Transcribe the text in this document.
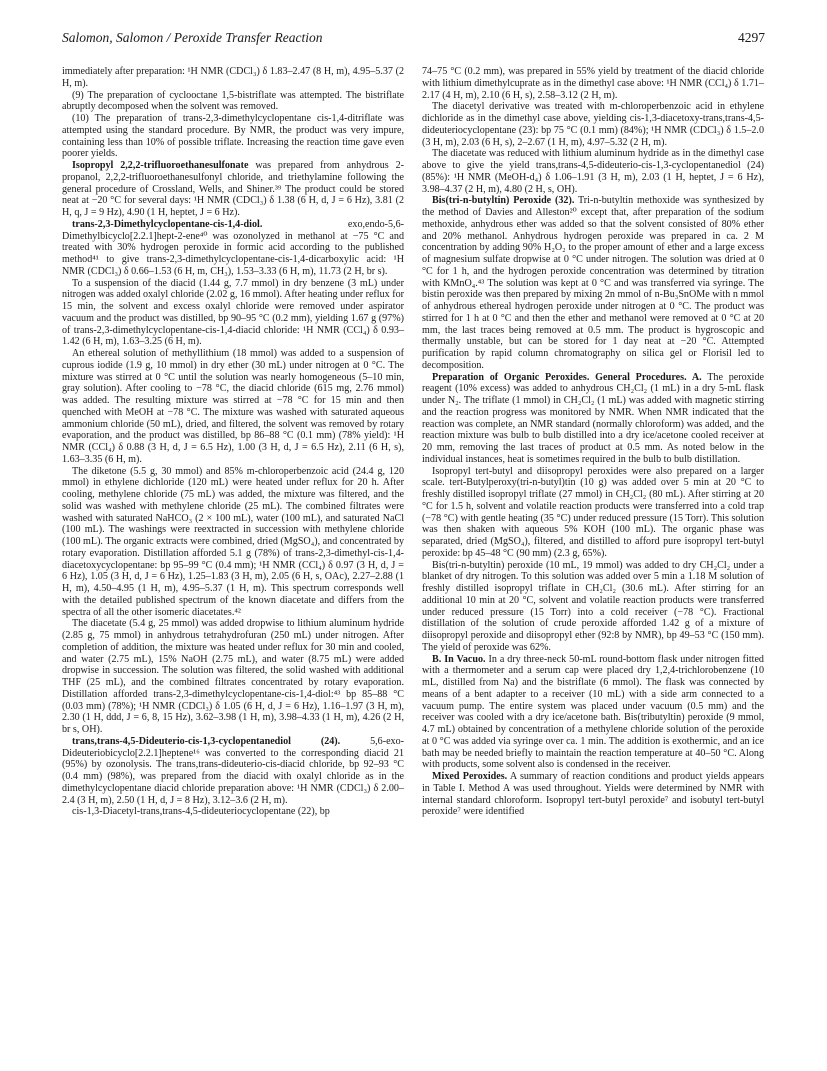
Salomon, Salomon / Peroxide Transfer Reaction	4297

immediately after preparation: ¹H NMR (CDCl₃) δ 1.83–2.47 (8 H, m), 4.95–5.37 (2 H, m).

(9) The preparation of cyclooctane 1,5-bistriflate was attempted. The bistriflate abruptly decomposed when the solvent was removed.

(10) The preparation of trans-2,3-dimethylcyclopentane cis-1,4-ditriflate was attempted using the standard procedure. By NMR, the product was very impure, containing less than 10% of possible triflate. Increasing the reaction time gave even poorer yields.

Isopropyl 2,2,2-trifluoroethanesulfonate was prepared from anhydrous 2-propanol, 2,2,2-trifluoroethanesulfonyl chloride, and triethylamine following the general procedure of Crossland, Wells, and Shiner.³⁹ The product could be stored neat at −20 °C for several days: ¹H NMR (CDCl₃) δ 1.38 (6 H, d, J = 6 Hz), 3.81 (2 H, q, J = 9 Hz), 4.90 (1 H, heptet, J = 6 Hz).

trans-2,3-Dimethylcyclopentane-cis-1,4-diol. exo,endo-5,6-Dimethylbicyclo[2.2.1]hept-2-ene⁴⁰ was ozonolyzed in methanol at −75 °C and treated with 30% hydrogen peroxide in formic acid according to the published method⁴¹ to give trans-2,3-dimethylcyclopentane-cis-1,4-dicarboxylic acid: ¹H NMR (CDCl₃) δ 0.66–1.53 (6 H, m, CH₃), 1.53–3.33 (6 H, m), 11.73 (2 H, br s).

To a suspension of the diacid (1.44 g, 7.7 mmol) in dry benzene (3 mL) under nitrogen was added oxalyl chloride (2.02 g, 16 mmol). After heating under reflux for 15 min, the solvent and excess oxalyl chloride were removed under aspirator vacuum and the product was distilled, bp 90–95 °C (0.2 mm), yielding 1.67 g (97%) of trans-2,3-dimethylcyclopentane-cis-1,4-diacid chloride: ¹H NMR (CCl₄) δ 0.93–1.42 (6 H, m), 1.63–3.25 (6 H, m).

An ethereal solution of methyllithium (18 mmol) was added to a suspension of cuprous iodide (1.9 g, 10 mmol) in dry ether (30 mL) under nitrogen at 0 °C. The mixture was stirred at 0 °C until the solution was nearly homogeneous (5–10 min, gray solution). After cooling to −78 °C, the diacid chloride (615 mg, 2.76 mmol) was added. The resulting mixture was stirred at −78 °C for 15 min and then quenched with MeOH at −78 °C. The mixture was washed with saturated aqueous ammonium chloride (50 mL), dried, and filtered, the solvent was removed by rotary evaporation, and the product was distilled, bp 86–88 °C (0.1 mm) (78% yield): ¹H NMR (CCl₄) δ 0.88 (3 H, d, J = 6.5 Hz), 1.00 (3 H, d, J = 6.5 Hz), 2.11 (6 H, s), 1.63–3.35 (6 H, m).

The diketone (5.5 g, 30 mmol) and 85% m-chloroperbenzoic acid (24.4 g, 120 mmol) in ethylene dichloride (120 mL) were heated under reflux for 20 h. After cooling, methylene chloride (75 mL) was added, the mixture was filtered, and the solid was washed with methylene chloride (25 mL). The combined filtrates were washed with saturated NaHCO₃ (2 × 100 mL), water (100 mL), and saturated NaCl (100 mL). The washings were reextracted in succession with methylene chloride (100 mL). The organic extracts were combined, dried (MgSO₄), and concentrated by rotary evaporation. Distillation afforded 5.1 g (78%) of trans-2,3-dimethyl-cis-1,4-diacetoxycyclopentane: bp 95–99 °C (0.4 mm); ¹H NMR (CCl₄) δ 0.97 (3 H, d, J = 6 Hz), 1.05 (3 H, d, J = 6 Hz), 1.25–1.83 (3 H, m), 2.05 (6 H, s, OAc), 2.27–2.88 (1 H, m), 4.50–4.95 (1 H, m), 4.95–5.37 (1 H, m). This spectrum corresponds well with the detailed published spectrum of the known diacetate and differs from the spectra of all the other isomeric diacetates.⁴²

The diacetate (5.4 g, 25 mmol) was added dropwise to lithium aluminum hydride (2.85 g, 75 mmol) in anhydrous tetrahydrofuran (250 mL) under nitrogen. After completion of addition, the mixture was heated under reflux for 30 min and cooled, and water (2.75 mL), 15% NaOH (2.75 mL), and water (8.75 mL) were added dropwise in succession. The solution was filtered, the solid washed with additional THF (25 mL), and the combined filtrates concentrated by rotary evaporation. Distillation afforded trans-2,3-dimethylcyclopentane-cis-1,4-diol:⁴³ bp 85–88 °C (0.03 mm) (78%); ¹H NMR (CDCl₃) δ 1.05 (6 H, d, J = 6 Hz), 1.16–1.97 (3 H, m), 2.30 (1 H, ddd, J = 6, 8, 15 Hz), 3.62–3.98 (1 H, m), 3.98–4.33 (1 H, m), 4.26 (2 H, br s, OH).

trans,trans-4,5-Dideuterio-cis-1,3-cyclopentanediol (24). 5,6-exo-Dideuteriobicyclo[2.2.1]heptene¹⁶ was converted to the corresponding diacid 21 (95%) by ozonolysis. The trans,trans-dideuterio-cis-diacid chloride, bp 92–93 °C (0.4 mm) (98%), was prepared from the diacid with oxalyl chloride as in the dimethylcyclopentane diacid chloride preparation above: ¹H NMR (CDCl₃) δ 2.00–2.4 (3 H, m), 2.50 (1 H, d, J = 8 Hz), 3.12–3.6 (2 H, m).

cis-1,3-Diacetyl-trans,trans-4,5-dideuteriocyclopentane (22), bp

74–75 °C (0.2 mm), was prepared in 55% yield by treatment of the diacid chloride with lithium dimethylcuprate as in the dimethyl case above: ¹H NMR (CCl₄) δ 1.71–2.17 (4 H, m), 2.10 (6 H, s), 2.58–3.12 (2 H, m).

The diacetyl derivative was treated with m-chloroperbenzoic acid in ethylene dichloride as in the dimethyl case above, yielding cis-1,3-diacetoxy-trans,trans-4,5-dideuteriocyclopentane (23): bp 75 °C (0.1 mm) (84%); ¹H NMR (CDCl₃) δ 1.5–2.0 (3 H, m), 2.03 (6 H, s), 2–2.67 (1 H, m), 4.97–5.32 (2 H, m).

The diacetate was reduced with lithium aluminum hydride as in the dimethyl case above to give the yield trans,trans-4,5-dideuterio-cis-1,3-cyclopentanediol (24) (85%): ¹H NMR (MeOH-d₄) δ 1.06–1.91 (3 H, m), 2.03 (1 H, heptet, J = 6 Hz), 3.98–4.37 (2 H, m), 4.80 (2 H, s, OH).

Bis(tri-n-butyltin) Peroxide (32). Tri-n-butyltin methoxide was synthesized by the method of Davies and Alleston²⁰ except that, after preparation of the sodium methoxide, anhydrous ether was added so that the solvent consisted of 80% ether and 20% methanol. Anhydrous hydrogen peroxide was prepared in ca. 2 M concentration by adding 90% H₂O₂ to the proper amount of ether and a large excess of magnesium sulfate dropwise at 0 °C under nitrogen. The solution was dried at 0 °C for 1 h, and the hydrogen peroxide concentration was determined by titration with KMnO₄.⁴³ The solution was kept at 0 °C and was transferred via syringe. The bistin peroxide was then prepared by mixing 2n mmol of n-Bu₃SnOMe with n mmol of anhydrous ethereal hydrogen peroxide under nitrogen at 0 °C. The product was stirred for 1 h at 0 °C and then the ether and methanol were removed at 0 °C at 20 mm, the last traces being removed at 0.5 mm. The product is hygroscopic and thermally unstable, but can be stored for 1 day neat at −20 °C. Attempted purification by rapid column chromatography on silica gel or Florisil led to decomposition.

Preparation of Organic Peroxides. General Procedures. A. The peroxide reagent (10% excess) was added to anhydrous CH₂Cl₂ (1 mL) in a dry 5-mL flask under N₂. The triflate (1 mmol) in CH₂Cl₂ (1 mL) was added with magnetic stirring and the reaction progress was monitored by NMR. When NMR indicated that the reaction was complete, an NMR standard (normally chloroform) was added, and the reaction mixture was bulb to bulb distilled into a dry ice/acetone cooled receiver at 20 mm, removing the last traces of product at 0.5 mm. As noted below in the individual instances, heat is sometimes required in the bulb to bulb distillation.

Isopropyl tert-butyl and diisopropyl peroxides were also prepared on a larger scale. tert-Butylperoxy(tri-n-butyl)tin (10 g) was added over 5 min at 20 °C to freshly distilled isopropyl triflate (27 mmol) in CH₂Cl₂ (80 mL). After stirring at 20 °C for 1.5 h, solvent and volatile reaction products were transferred into a cold trap (−78 °C) with gentle heating (35 °C) under reduced pressure (15 Torr). This solution was then shaken with aqueous 5% KOH (100 mL). The organic phase was separated, dried (MgSO₄), filtered, and distilled to afford pure isopropyl tert-butyl peroxide: bp 45–48 °C (90 mm) (2.3 g, 65%).

Bis(tri-n-butyltin) peroxide (10 mL, 19 mmol) was added to dry CH₂Cl₂ under a blanket of dry nitrogen. To this solution was added over 5 min a 1.18 M solution of freshly distilled isopropyl triflate in CH₂Cl₂ (30.6 mL). After stirring for an additional 10 min at 20 °C, solvent and volatile reaction products were transferred under reduced pressure (15 Torr) into a cold receiver (−78 °C). Fractional distillation of the solution of crude peroxide afforded 1.42 g of a mixture of diisopropyl peroxide and diisopropyl ether (92:8 by NMR), bp 49–53 °C (150 mm). The yield of peroxide was 62%.

B. In Vacuo. In a dry three-neck 50-mL round-bottom flask under nitrogen fitted with a thermometer and a serum cap were placed dry 1,2,4-trichlorobenzene (10 mL, distilled from Na) and the bistriflate (6 mmol). The flask was connected by means of a bent adapter to a receiver (10 mL) with a side arm connected to a vacuum pump. The entire system was placed under vacuum (0.5 mm) and the receiver was cooled with a dry ice/acetone bath. Bis(tributyltin) peroxide (9 mmol, 4.7 mL) obtained by concentration of a methylene chloride solution of the peroxide at 0 °C was added via syringe over ca. 1 min. The addition is exothermic, and an ice bath may be needed briefly to maintain the reaction temperature at 40–50 °C. Along with products, some solvent also is condensed in the receiver.

Mixed Peroxides. A summary of reaction conditions and product yields appears in Table I. Method A was used throughout. Yields were determined by NMR with internal standard chloroform. Isopropyl tert-butyl peroxide⁷ and isobutyl tert-butyl peroxide⁷ were identified
